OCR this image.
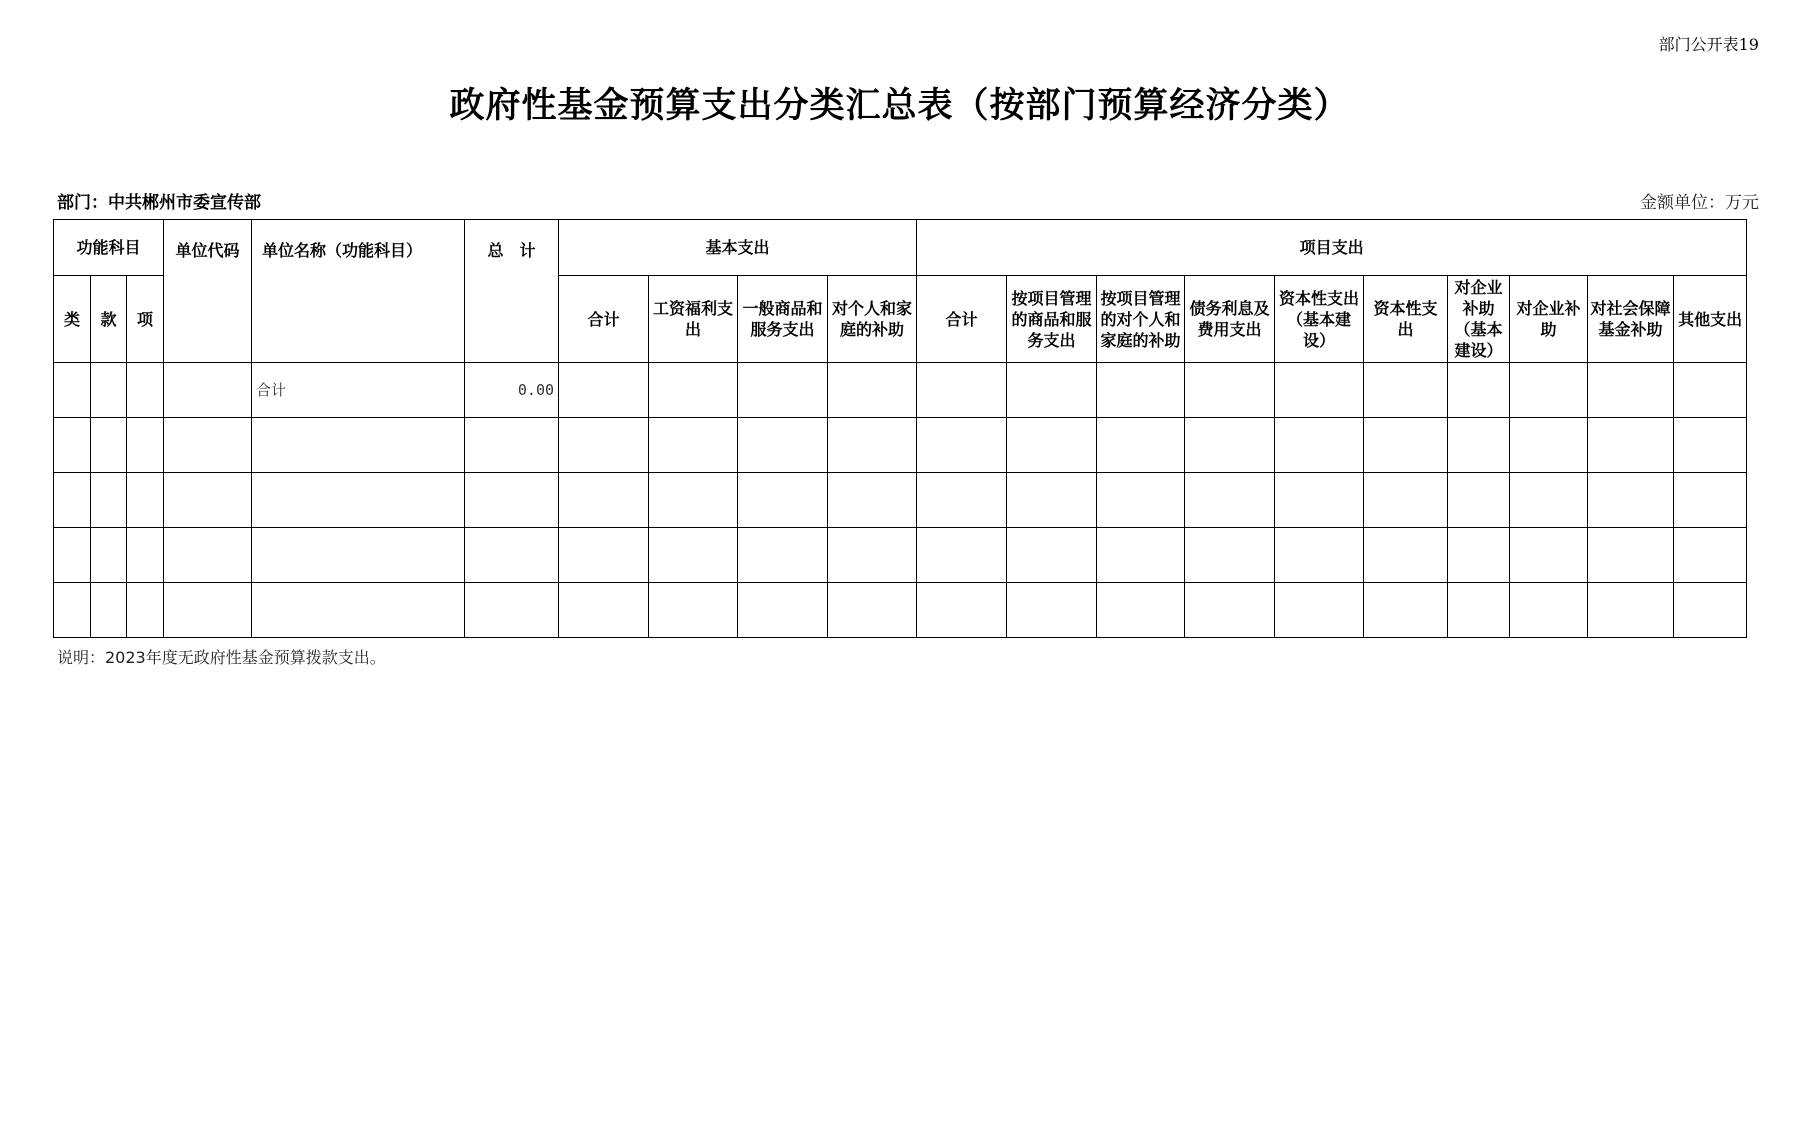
部门公开表19
政府性基金预算支出分类汇总表（按部门预算经济分类）
部门：中共郴州市委宣传部	金额单位：万元
功能科目			单位代码	单位名称（功能科目）	总　计	基本支出				项目支出									
类	款	项				合计	工资福利支出	一般商品和服务支出	对个人和家庭的补助	合计	按项目管理的商品和服务支出	按项目管理的对个人和家庭的补助	债务利息及费用支出	资本性支出（基本建设）	资本性支出	对企业补助（基本建设）	对企业补助	对社会保障基金补助	其他支出
				合计	0.00														

说明：2023年度无政府性基金预算拨款支出。
